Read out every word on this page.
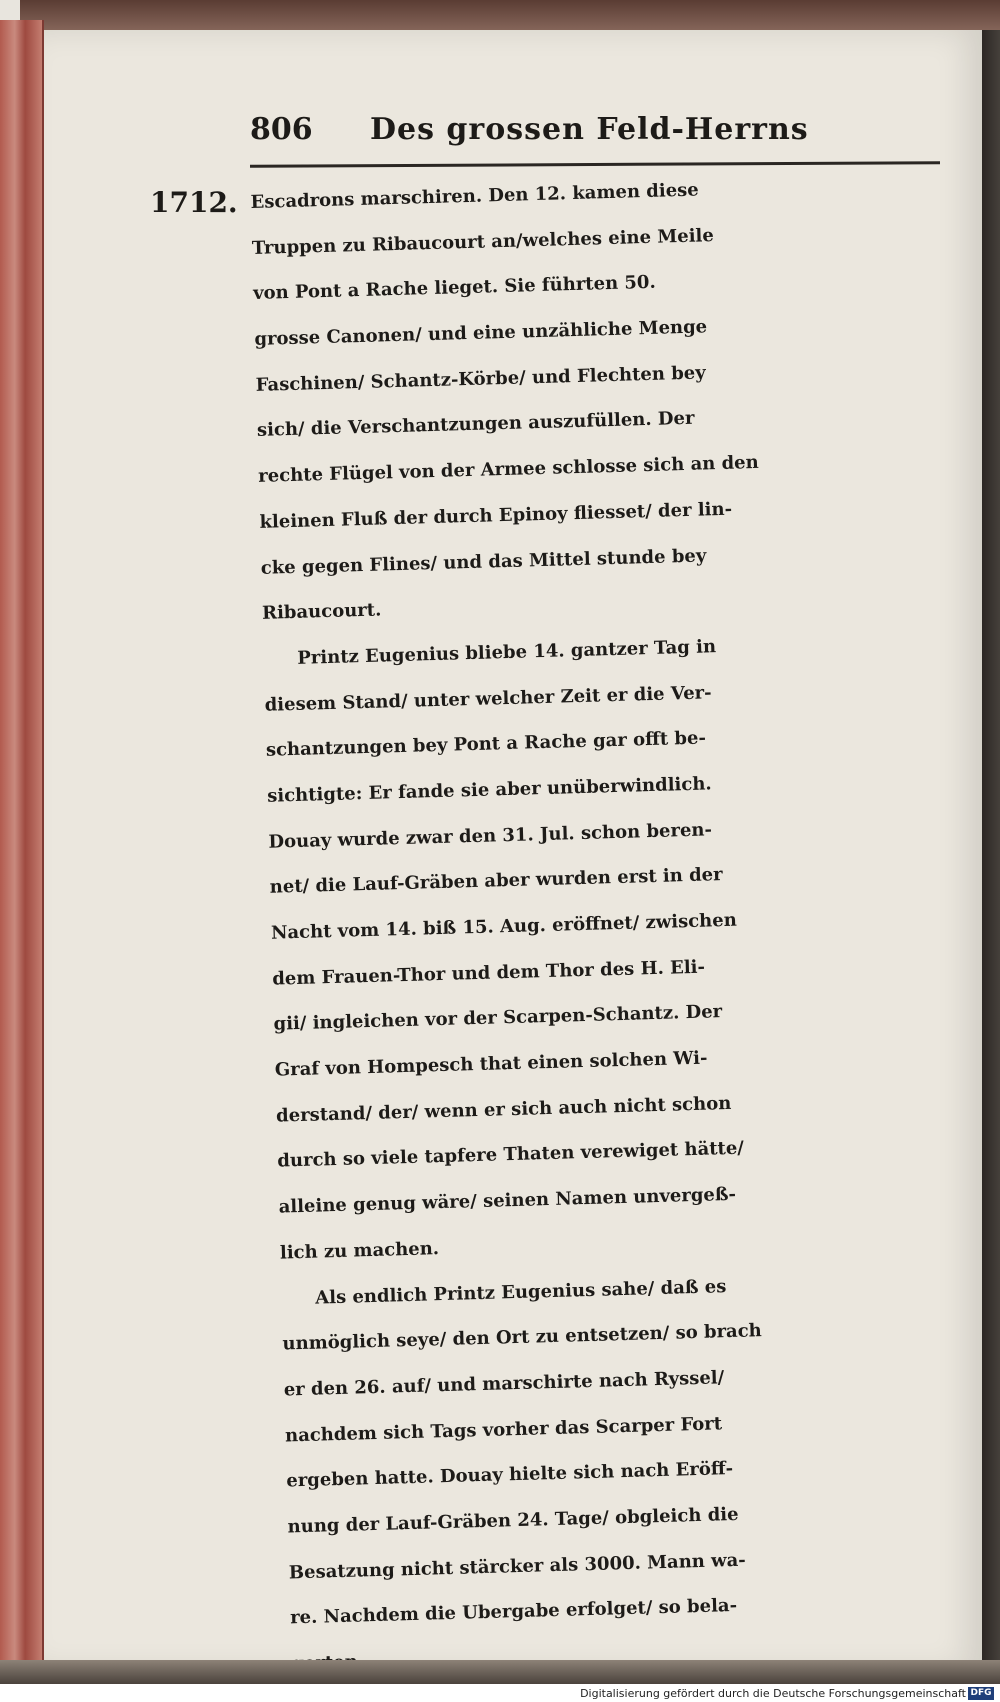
806 Des grossen Feld-Herrns
1712. Escadrons marschiren. Den 12. kamen diese
Truppen zu Ribaucourt an/welches eine Meile
von Pont a Rache lieget. Sie führten 50.
grosse Canonen/ und eine unzähliche Menge
Faschinen/ Schantz-Körbe/ und Flechten bey
sich/ die Verschantzungen auszufüllen. Der
rechte Flügel von der Armee schlosse sich an den
kleinen Fluß der durch Epinoy fliesset/ der lin-
cke gegen Flines/ und das Mittel stunde bey
Ribaucourt.
Printz Eugenius bliebe 14. gantzer Tag in
diesem Stand/ unter welcher Zeit er die Ver-
schantzungen bey Pont a Rache gar offt be-
sichtigte: Er fande sie aber unüberwindlich.
Douay wurde zwar den 31. Jul. schon beren-
net/ die Lauf-Gräben aber wurden erst in der
Nacht vom 14. biß 15. Aug. eröffnet/ zwischen
dem Frauen-Thor und dem Thor des H. Eli-
gii/ ingleichen vor der Scarpen-Schantz. Der
Graf von Hompesch that einen solchen Wi-
derstand/ der/ wenn er sich auch nicht schon
durch so viele tapfere Thaten verewiget hätte/
alleine genug wäre/ seinen Namen unvergeß-
lich zu machen.
Als endlich Printz Eugenius sahe/ daß es
unmöglich seye/ den Ort zu entsetzen/ so brach
er den 26. auf/ und marschirte nach Ryssel/
nachdem sich Tags vorher das Scarper Fort
ergeben hatte. Douay hielte sich nach Eröff-
nung der Lauf-Gräben 24. Tage/ obgleich die
Besatzung nicht stärcker als 3000. Mann wa-
re. Nachdem die Ubergabe erfolget/ so bela-
Digitalisierung gefördert durch die Deutsche Forschungsgemeinschaft DFG
